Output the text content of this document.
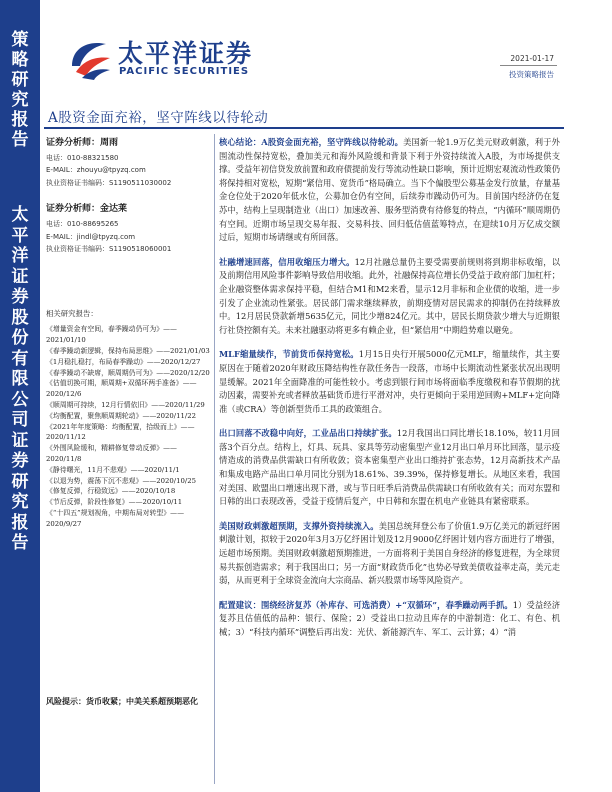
策
略
研
究
报
告
太
平
洋
证
券
股
份
有
限
公
司
证
券
研
究
报
告
太平洋证券
PACIFIC SECURITIES
2021-01-17
投资策略报告
A股资金面充裕，坚守阵线以待轮动
证券分析师：周雨
电话：010-88321580
E-MAIL：zhouyu@tpyzq.com
执业资格证书编码：S1190511030002
证券分析师：金达莱
电话：010-88695265
E-MAIL：jindl@tpyzq.com
执业资格证书编码：S1190518060001
相关研究报告：
《增量资金有空间，春季躁动仍可为》——2021/01/10
《春季躁动新逻辑，保持布局思维》——2021/01/03
《1月稳扎稳打，布局春季躁动》——2020/12/27
《春季躁动不缺席，顺周期仍可为》——2020/12/20
《估值切换可期，顺周期+双循环两手准备》——2020/12/6
《顺周期可持续，12月行情依旧》——2020/11/29
《均衡配置，聚焦顺周期轮动》——2020/11/22
《2021年年度策略：均衡配置，拾级而上》——2020/11/12
《外围风险缓和，精耕修复带动反弹》——2020/11/8
《静待曙光，11月不悲观》——2020/11/1
《以退为势，震荡下沉不悲观》——2020/10/25
《修复反弹，行稳致远》——2020/10/18
《节后反弹，阶段性修复》——2020/10/11
《“十四五”规划视角，中期布局对转型》——2020/9/27
风险提示：货币收紧；中美关系超预期恶化

核心结论：A股资金面充裕，坚守阵线以待轮动。美国新一轮1.9万亿美元财政刺激，利于外围流动性保持宽松，叠加美元和海外风险缓和背景下利于外资持续流入A股，为市场提供支撑。受益年初信贷发放前置和政府债提前发行等流动性缺口影响，预计近期宏观流动性政策仍将保持相对宽松，短期“紧信用、宽货币”格局确立。当下个偏股型公募基金发行放量，存量基金仓位处于2020年低水位，公募加仓仍有空间，后续券市躁动仍可为。目前国内经济仍在复苏中，结构上呈现制造业（出口）加速改善、服务型消费有待修复的特点，“内循环”顺周期仍有空间。近期市场呈现交易年报、交易科技、回归低估值蓝筹特点，在迎续10月万亿成交额过后，短期市场请继或有所回落。

社融增速回落，信用收缩压力增大。12月社融总量仍主要受需要前规则将到期非标收缩，以及前期信用风险事件影响导致信用收缩。此外，社融保持高位增长仍受益于政府部门加杠杆；企业融资整体需求保持平稳，但结合M1和M2来看，显示12月非标和企业债的收缩，进一步引发了企业流动性紧张。居民部门需求继续释放，前期疫情对居民需求的抑制仍在持续释放中。12月居民贷款新增5635亿元，同比少增824亿元。其中，居民长期贷款少增大与近期银行社贷控额有关。未来社融驱动将更多有赖企业，但“紧信用”中期趋势难以避免。

MLF缩量续作，节前货币保持宽松。1月15日央行开展5000亿元MLF，缩量续作，其主要原因在于随着2020年财政压降结构性存款任务告一段落，市场中长期流动性紧张状况出现明显缓解。2021年全面降准的可能性较小。考虑到银行间市场将面临季度缴税和春节假期的扰动因素，需要补充或者释放基础货币进行平滑对冲，央行更倾向于采用逆回购+MLF+定向降准（或CRA）等创新型货币工具的政策组合。

出口回落不改稳中向好，工业品出口持续扩张。12月我国出口同比增长18.10%，较11月回落3个百分点。结构上，灯具、玩具、家具等劳动密集型产业12月出口单月环比回落，显示疫情造成的消费品供需缺口有所收敛；资本密集型产业出口维持扩张态势，12月高新技术产品和集成电路产品出口单月同比分别为18.61%、39.39%，保持修复增长。从地区来看，我国对美国、欧盟出口增速出现下滑，或与节日旺季后消费品供需缺口有所收敛有关；而对东盟和日韩的出口表现改善，受益于疫情后复产，中日韩和东盟在机电产业链具有紧密联系。

美国财政刺激超预期，支撑外资持续流入。美国总统拜登公布了价值1.9万亿美元的新冠纾困刺激计划，拟较于2020年3月3万亿纾困计划及12月9000亿纾困计划内容方面进行了增强，远超市场预期。美国财政刺激超预期推进，一方面将利于美国自身经济的修复进程，为全球贸易共振创造需求；利于我国出口；另一方面“财政货币化”也势必导致美债收益率走高，美元走弱，从而更利于全球资金流向大宗商品、新兴股票市场等风险资产。

配置建议：围绕经济复苏（补库存、可选消费）+“双循环”，春季躁动两手抓。1）受益经济复苏且估值低的品种：银行、保险；2）受益出口拉动且库存的中游制造：化工、有色、机械；3）“科技内循环”调整后再出发：光伏、新能源汽车、军工、云计算；4）“消
